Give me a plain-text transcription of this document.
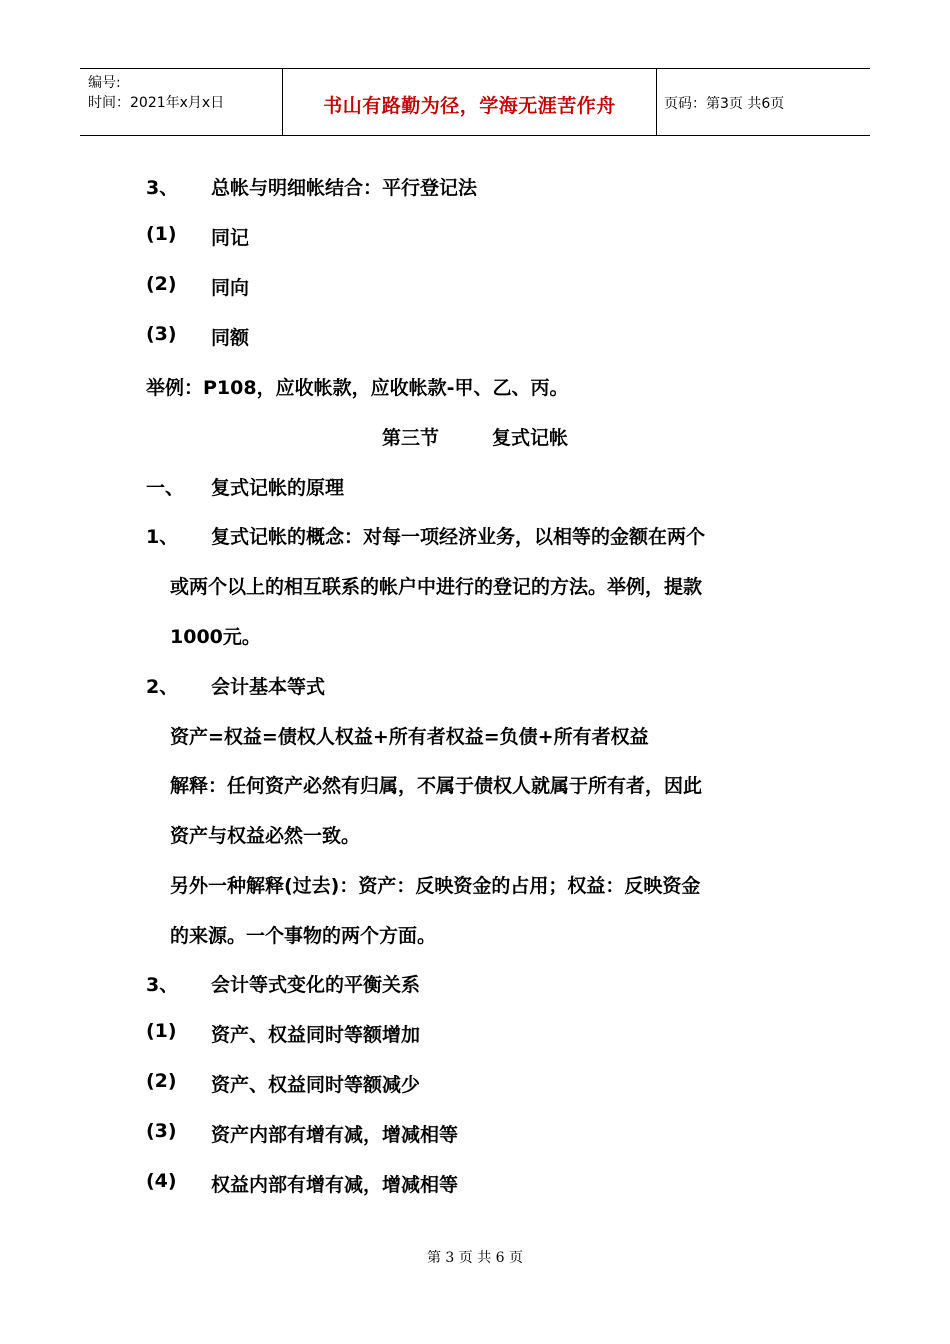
编号:
时间：2021年x月x日	书山有路勤为径，学海无涯苦作舟	页码：第3页 共6页
3、 总帐与明细帐结合：平行登记法
(1) 同记
(2) 同向
(3) 同额
举例：P108，应收帐款，应收帐款-甲、乙、丙。
第三节        复式记帐
一、 复式记帐的原理
1、 复式记帐的概念：对每一项经济业务，以相等的金额在两个
或两个以上的相互联系的帐户中进行的登记的方法。举例，提款
1000元。
2、 会计基本等式
资产=权益=债权人权益+所有者权益=负债+所有者权益
解释：任何资产必然有归属，不属于债权人就属于所有者，因此
资产与权益必然一致。
另外一种解释(过去)：资产：反映资金的占用；权益：反映资金
的来源。一个事物的两个方面。
3、 会计等式变化的平衡关系
(1) 资产、权益同时等额增加
(2) 资产、权益同时等额减少
(3) 资产内部有增有减，增减相等
(4) 权益内部有增有减，增减相等
第 3 页 共 6 页
